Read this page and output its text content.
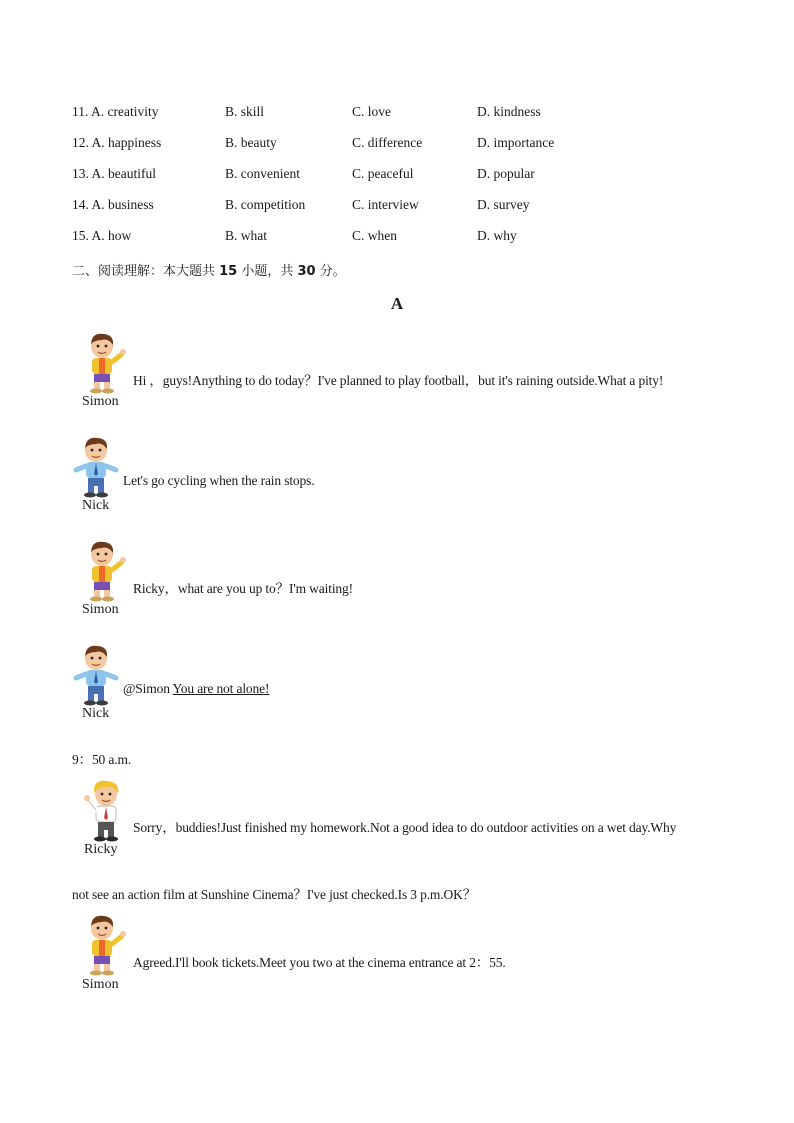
11. A. creativity	B. skill	C. love	D. kindness
12. A. happiness	B. beauty	C. difference	D. importance
13. A. beautiful	B. convenient	C. peaceful	D. popular
14. A. business	B. competition	C. interview	D. survey
15. A. how	B. what	C. when	D. why
二、阅读理解：本大题共 15 小题，共 30 分。
A
Simon
Hi ，guys!Anything to do today？I've planned to play football，but it's raining outside.What a pity!
Nick
Let's go cycling when the rain stops.
Simon
Ricky，what are you up to？I'm waiting!
Nick
@Simon You are not alone!
9：50 a.m.
Ricky
Sorry，buddies!Just finished my homework.Not a good idea to do outdoor activities on a wet day.Why
not see an action film at Sunshine Cinema？I've just checked.Is 3 p.m.OK？
Simon
Agreed.I'll book tickets.Meet you two at the cinema entrance at 2：55.
